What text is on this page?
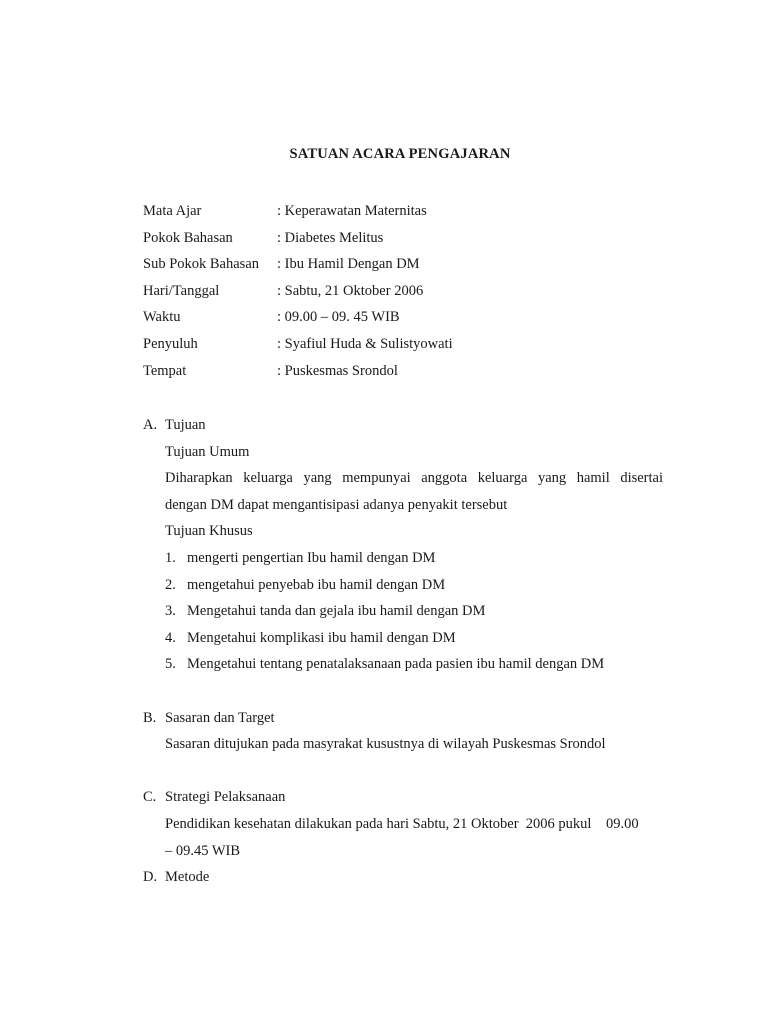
SATUAN ACARA PENGAJARAN
Mata Ajar	: Keperawatan Maternitas
Pokok Bahasan	: Diabetes Melitus
Sub Pokok Bahasan : Ibu Hamil Dengan DM
Hari/Tanggal	: Sabtu, 21 Oktober 2006
Waktu	: 09.00 – 09. 45 WIB
Penyuluh	: Syafiul Huda & Sulistyowati
Tempat	: Puskesmas Srondol
A. Tujuan
Tujuan Umum
Diharapkan keluarga yang mempunyai anggota keluarga yang hamil disertai
dengan DM dapat mengantisipasi adanya penyakit tersebut
Tujuan Khusus
1. mengerti pengertian Ibu hamil dengan DM
2. mengetahui penyebab ibu hamil dengan DM
3. Mengetahui tanda dan gejala ibu hamil dengan DM
4. Mengetahui komplikasi ibu hamil dengan DM
5. Mengetahui tentang penatalaksanaan pada pasien ibu hamil dengan DM
B. Sasaran dan Target
Sasaran ditujukan pada masyrakat kusustnya di wilayah Puskesmas Srondol
C. Strategi Pelaksanaan
Pendidikan kesehatan dilakukan pada hari Sabtu, 21 Oktober  2006 pukul    09.00
– 09.45 WIB
D. Metode
